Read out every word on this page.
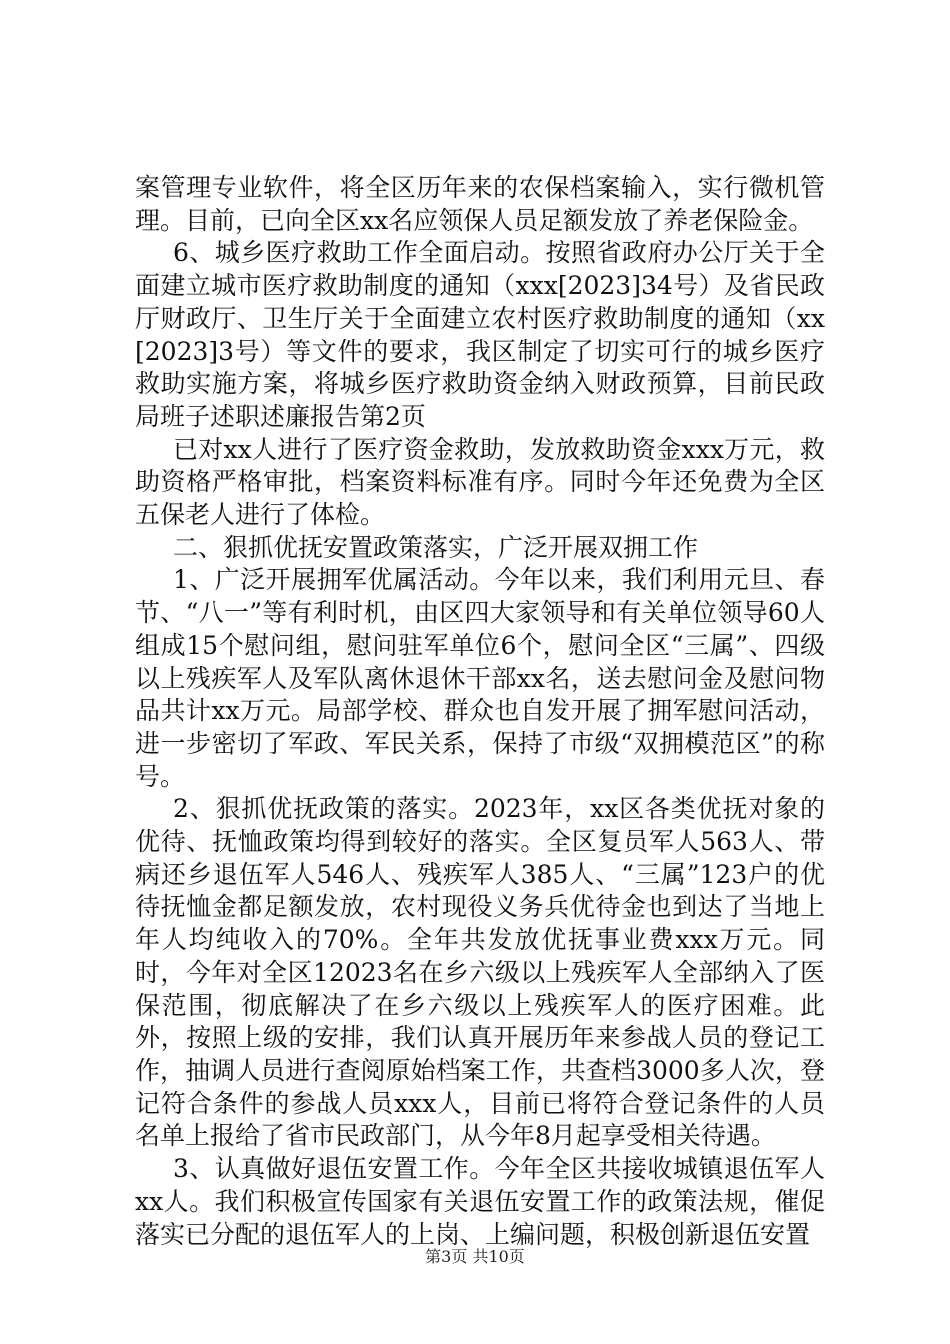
案管理专业软件，将全区历年来的农保档案输入，实行微机管理。目前，已向全区xx名应领保人员足额发放了养老保险金。

6、城乡医疗救助工作全面启动。按照省政府办公厅关于全面建立城市医疗救助制度的通知（xxx[2023]34号）及省民政厅财政厅、卫生厅关于全面建立农村医疗救助制度的通知（xx[2023]3号）等文件的要求，我区制定了切实可行的城乡医疗救助实施方案，将城乡医疗救助资金纳入财政预算，目前民政局班子述职述廉报告第2页

已对xx人进行了医疗资金救助，发放救助资金xxx万元，救助资格严格审批，档案资料标准有序。同时今年还免费为全区五保老人进行了体检。

二、狠抓优抚安置政策落实，广泛开展双拥工作

1、广泛开展拥军优属活动。今年以来，我们利用元旦、春节、“八一”等有利时机，由区四大家领导和有关单位领导60人组成15个慰问组，慰问驻军单位6个，慰问全区“三属”、四级以上残疾军人及军队离休退休干部xx名，送去慰问金及慰问物品共计xx万元。局部学校、群众也自发开展了拥军慰问活动，进一步密切了军政、军民关系，保持了市级“双拥模范区”的称号。

2、狠抓优抚政策的落实。2023年，xx区各类优抚对象的优待、抚恤政策均得到较好的落实。全区复员军人563人、带病还乡退伍军人546人、残疾军人385人、“三属”123户的优待抚恤金都足额发放，农村现役义务兵优待金也到达了当地上年人均纯收入的70%。全年共发放优抚事业费xxx万元。同时，今年对全区12023名在乡六级以上残疾军人全部纳入了医保范围，彻底解决了在乡六级以上残疾军人的医疗困难。此外，按照上级的安排，我们认真开展历年来参战人员的登记工作，抽调人员进行查阅原始档案工作，共查档3000多人次，登记符合条件的参战人员xxx人，目前已将符合登记条件的人员名单上报给了省市民政部门，从今年8月起享受相关待遇。

3、认真做好退伍安置工作。今年全区共接收城镇退伍军人xx人。我们积极宣传国家有关退伍安置工作的政策法规，催促落实已分配的退伍军人的上岗、上编问题，积极创新退伍安置

第3页 共10页
